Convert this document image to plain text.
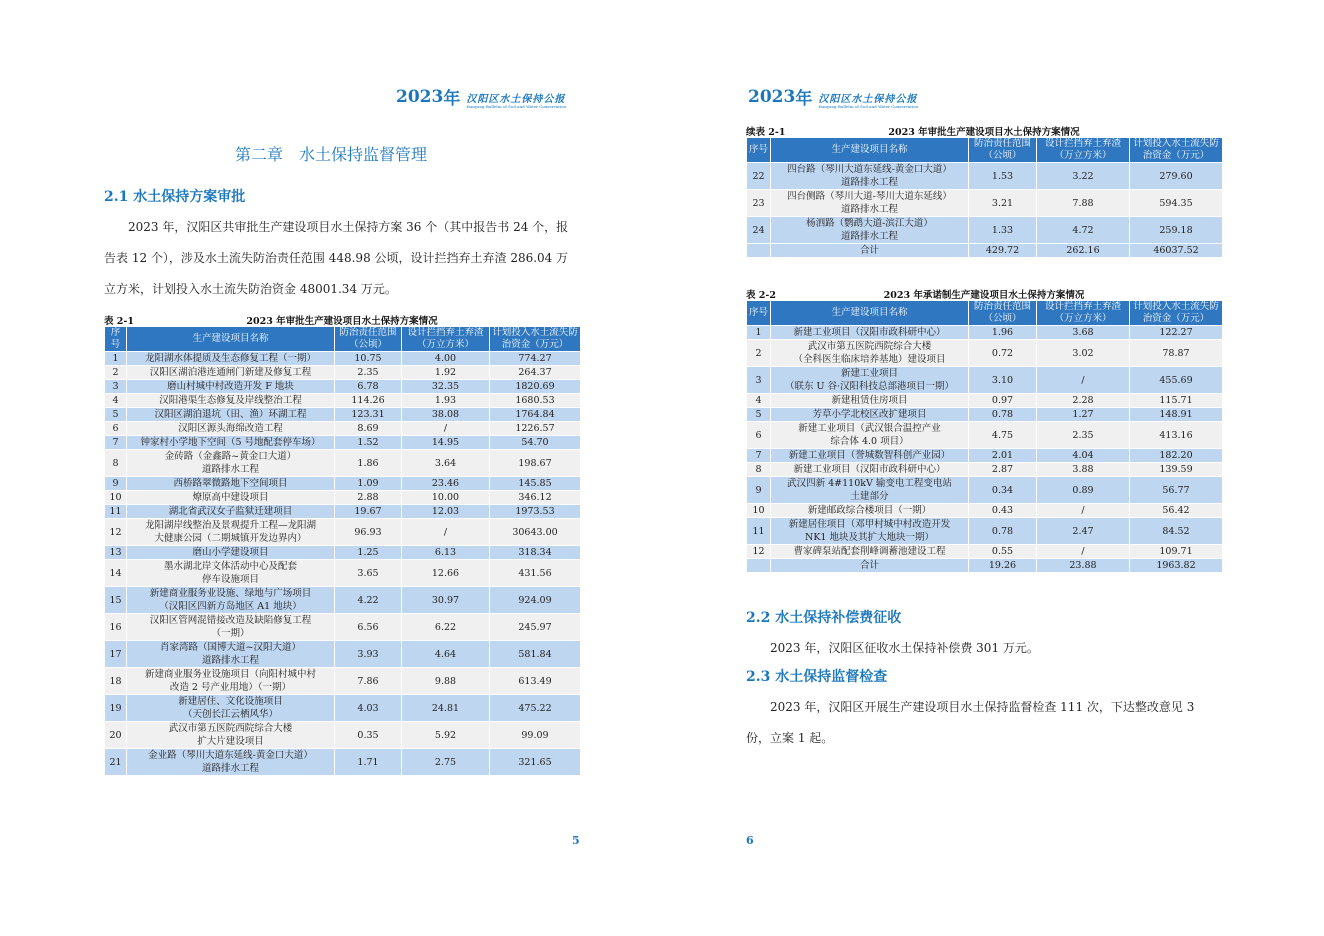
2023 年 汉阳区水土保持公报
Hanyang Bulletin of Soil and Water Conservation
第二章　水土保持监督管理
2.1 水土保持方案审批
2023 年，汉阳区共审批生产建设项目水土保持方案 36 个（其中报告书 24 个，报告表 12 个），涉及水土流失防治责任范围 448.98 公顷，设计拦挡弃土弃渣 286.04 万立方米，计划投入水土流失防治资金 48001.34 万元。
表 2-1	2023 年审批生产建设项目水土保持方案情况
序号	生产建设项目名称	防治责任范围（公顷）	设计拦挡弃土弃渣（万立方米）	计划投入水土流失防治资金（万元）
1	龙阳湖水体提质及生态修复工程（一期）	10.75	4.00	774.27
2	汉阳区湖泊港连通闸门新建及修复工程	2.35	1.92	264.37
3	磨山村城中村改造开发 F 地块	6.78	32.35	1820.69
4	汉阳港渠生态修复及岸线整治工程	114.26	1.93	1680.53
5	汉阳区湖泊退坑（田、渔）环湖工程	123.31	38.08	1764.84
6	汉阳区源头海绵改造工程	8.69	/	1226.57
7	钟家村小学地下空间（5 号地配套停车场）	1.52	14.95	54.70
8	金砖路（金鑫路~黄金口大道）
道路排水工程	1.86	3.64	198.67
9	西桥路翠微路地下空间项目	1.09	23.46	145.85
10	燎原高中建设项目	2.88	10.00	346.12
11	湖北省武汉女子监狱迁建项目	19.67	12.03	1973.53
12	龙阳湖岸线整治及景观提升工程—龙阳湖
大健康公园（二期城镇开发边界内）	96.93	/	30643.00
13	磨山小学建设项目	1.25	6.13	318.34
14	墨水湖北岸文体活动中心及配套
停车设施项目	3.65	12.66	431.56
15	新建商业服务业设施、绿地与广场项目
（汉阳区四新方岛地区 A1 地块）	4.22	30.97	924.09
16	汉阳区管网混错接改造及缺陷修复工程
（一期）	6.56	6.22	245.97
17	肖家湾路（国博大道~汉阳大道）
道路排水工程	3.93	4.64	581.84
18	新建商业服务业设施项目（向阳村城中村
改造 2 号产业用地）（一期）	7.86	9.88	613.49
19	新建居住、文化设施项目
（天创长江云栖风华）	4.03	24.81	475.22
20	武汉市第五医院西院综合大楼
扩大片建设项目	0.35	5.92	99.09
21	金业路（琴川大道东延线-黄金口大道）
道路排水工程	1.71	2.75	321.65
5
2023 年 汉阳区水土保持公报
Hanyang Bulletin of Soil and Water Conservation
续表 2-1	2023 年审批生产建设项目水土保持方案情况
序号	生产建设项目名称	防治责任范围（公顷）	设计拦挡弃土弃渣（万立方米）	计划投入水土流失防治资金（万元）
22	四台路（琴川大道东延线-黄金口大道）
道路排水工程	1.53	3.22	279.60
23	四台侧路（琴川大道-琴川大道东延线）
道路排水工程	3.21	7.88	594.35
24	杨泗路（鹦鹉大道-滨江大道）
道路排水工程	1.33	4.72	259.18
	合计	429.72	262.16	46037.52
表 2-2	2023 年承诺制生产建设项目水土保持方案情况
序号	生产建设项目名称	防治责任范围（公顷）	设计拦挡弃土弃渣（万立方米）	计划投入水土流失防治资金（万元）
1	新建工业项目（汉阳市政科研中心）	1.96	3.68	122.27
2	武汉市第五医院西院综合大楼
（全科医生临床培养基地）建设项目	0.72	3.02	78.87
3	新建工业项目
（联东 U 谷·汉阳科技总部港项目一期）	3.10	/	455.69
4	新建租赁住房项目	0.97	2.28	115.71
5	芳草小学北校区改扩建项目	0.78	1.27	148.91
6	新建工业项目（武汉银合温控产业
综合体 4.0 项目）	4.75	2.35	413.16
7	新建工业项目（誉城数智科创产业园）	2.01	4.04	182.20
8	新建工业项目（汉阳市政科研中心）	2.87	3.88	139.59
9	武汉四新 4#110kV 输变电工程变电站
土建部分	0.34	0.89	56.77
10	新建邮政综合楼项目（一期）	0.43	/	56.42
11	新建居住项目（邓甲村城中村改造开发
NK1 地块及其扩大地块一期）	0.78	2.47	84.52
12	曹家碑泵站配套削峰调蓄池建设工程	0.55	/	109.71
	合计	19.26	23.88	1963.82
2.2 水土保持补偿费征收
2023 年，汉阳区征收水土保持补偿费 301 万元。
2.3 水土保持监督检查
2023 年，汉阳区开展生产建设项目水土保持监督检查 111 次，下达整改意见 3 份，立案 1 起。
6
